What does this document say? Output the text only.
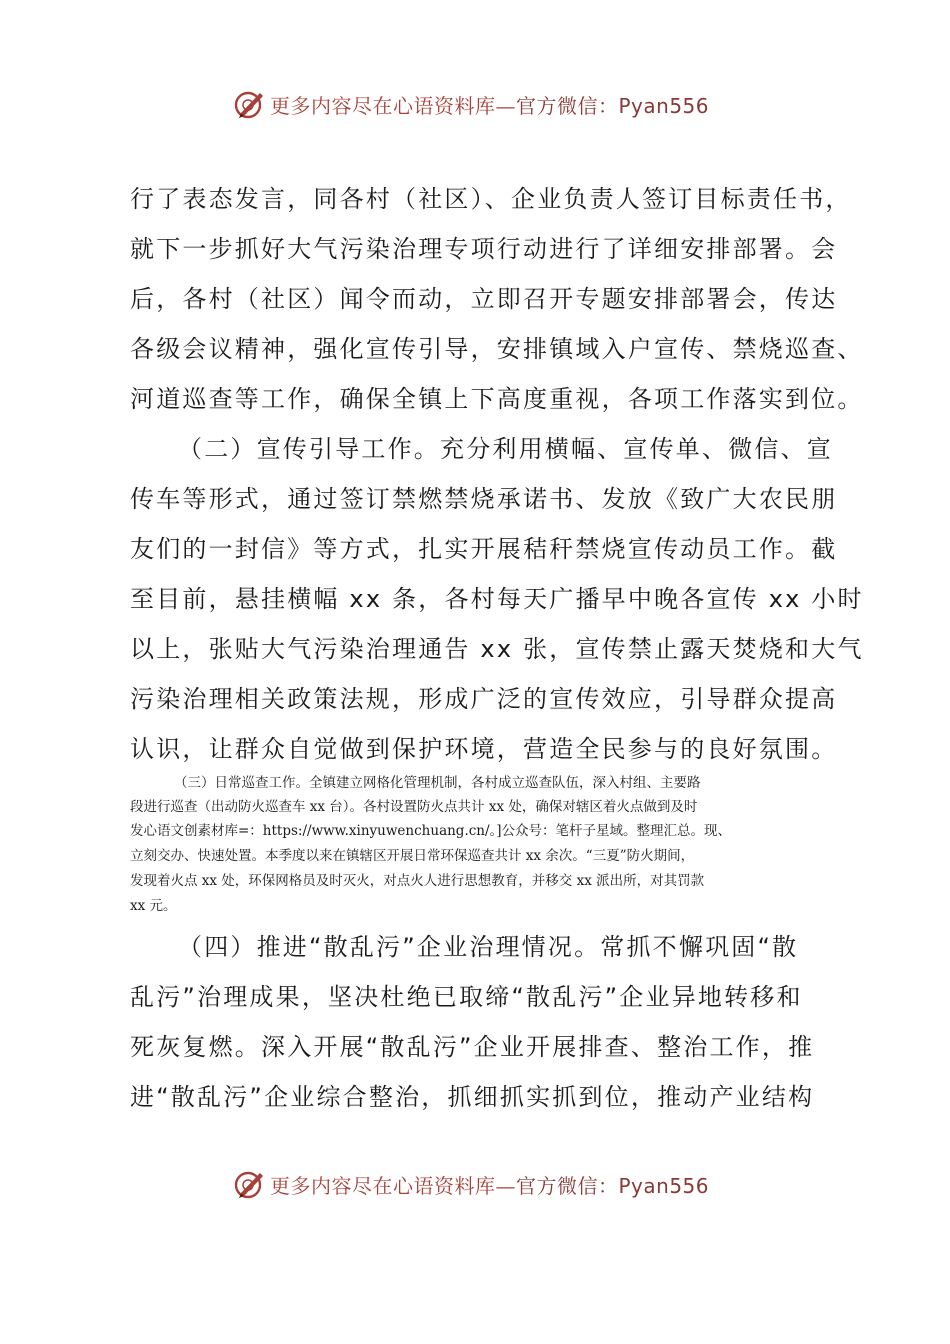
更多内容尽在心语资料库—官方微信：Pyan556
行了表态发言，同各村（社区）、企业负责人签订目标责任书，
就下一步抓好大气污染治理专项行动进行了详细安排部署。会
后，各村（社区）闻令而动，立即召开专题安排部署会，传达
各级会议精神，强化宣传引导，安排镇域入户宣传、禁烧巡查、
河道巡查等工作，确保全镇上下高度重视，各项工作落实到位。
（二）宣传引导工作。充分利用横幅、宣传单、微信、宣
传车等形式，通过签订禁燃禁烧承诺书、发放《致广大农民朋
友们的一封信》等方式，扎实开展秸秆禁烧宣传动员工作。截
至目前，悬挂横幅 xx 条，各村每天广播早中晚各宣传 xx 小时
以上，张贴大气污染治理通告 xx 张，宣传禁止露天焚烧和大气
污染治理相关政策法规，形成广泛的宣传效应，引导群众提高
认识，让群众自觉做到保护环境，营造全民参与的良好氛围。
（三）日常巡查工作。全镇建立网格化管理机制，各村成立巡查队伍，深入村组、主要路
段进行巡查（出动防火巡查车 xx 台）。各村设置防火点共计 xx 处，确保对辖区着火点做到及时
发心语文创素材库=：https://www.xinyuwenchuang.cn/。]公众号：笔杆子星域。整理汇总。现、
立刻交办、快速处置。本季度以来在镇辖区开展日常环保巡查共计 xx 余次。“三夏”防火期间，
发现着火点 xx 处，环保网格员及时灭火，对点火人进行思想教育，并移交 xx 派出所，对其罚款
xx 元。
（四）推进“散乱污”企业治理情况。常抓不懈巩固“散
乱污”治理成果，坚决杜绝已取缔“散乱污”企业异地转移和
死灰复燃。深入开展“散乱污”企业开展排查、整治工作，推
进“散乱污”企业综合整治，抓细抓实抓到位，推动产业结构
更多内容尽在心语资料库—官方微信：Pyan556
